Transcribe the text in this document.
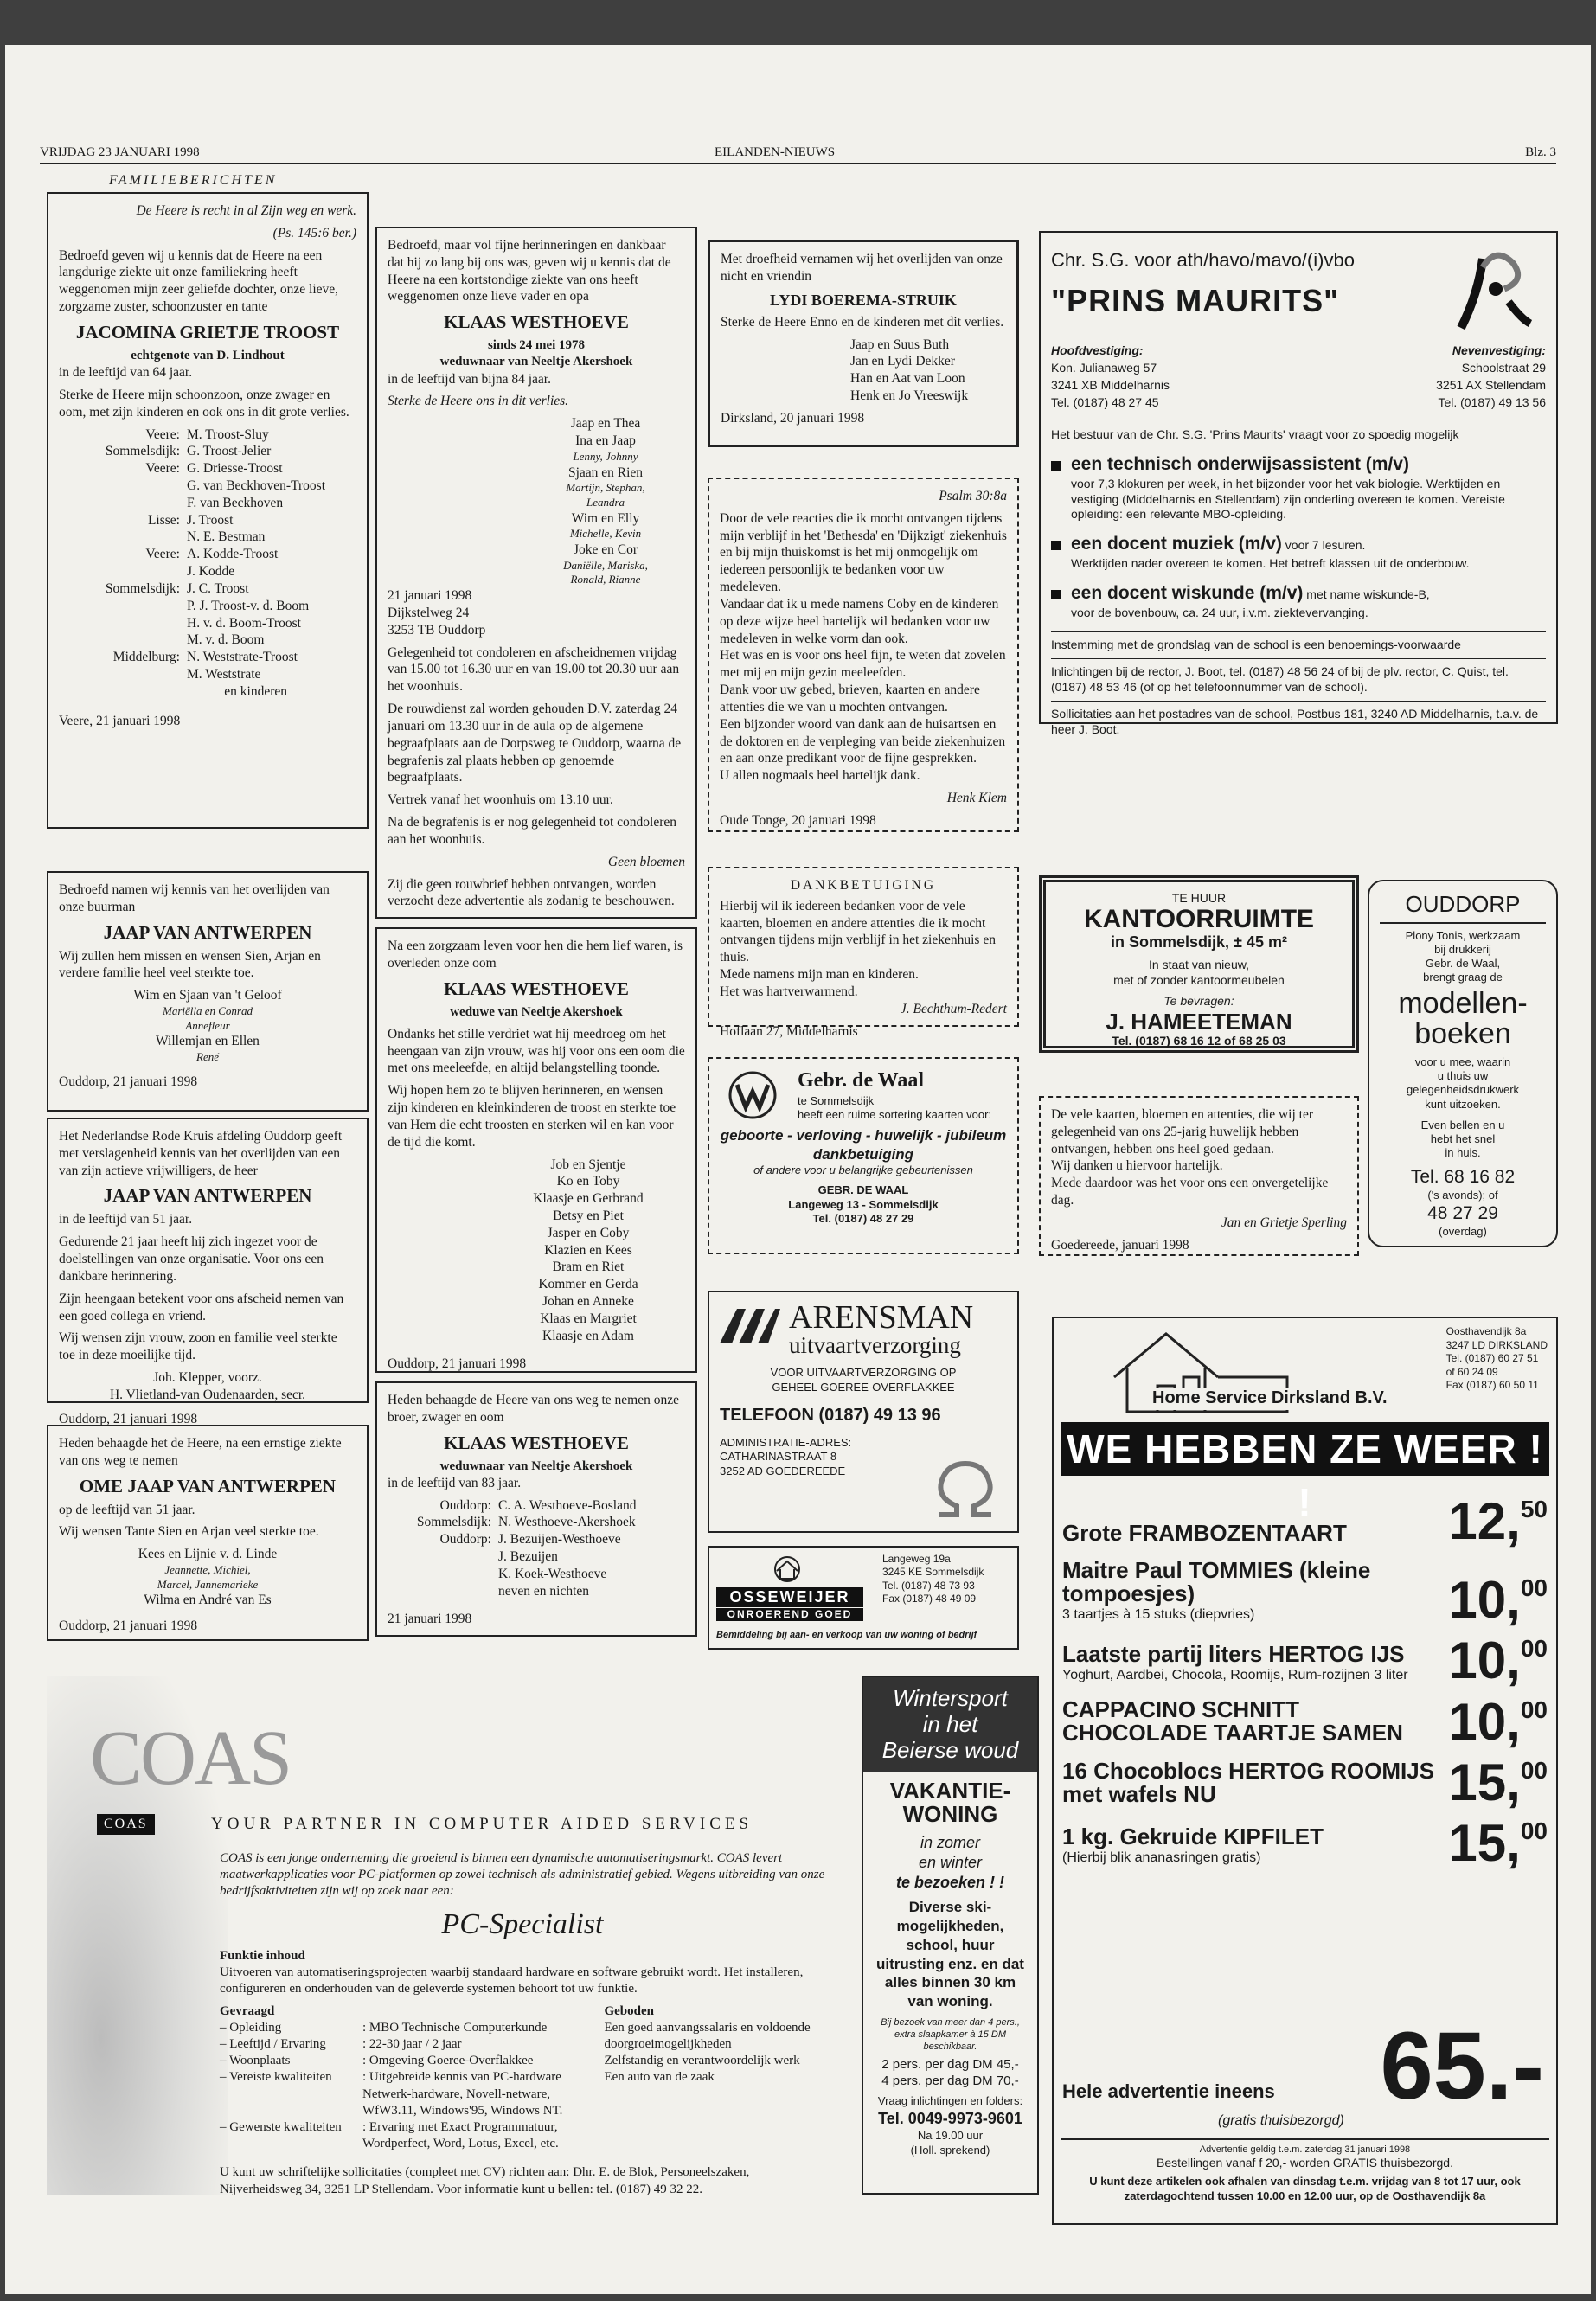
VRIJDAG 23 JANUARI 1998	EILANDEN-NIEUWS	Blz. 3
FAMILIEBERICHTEN

De Heere is recht in al Zijn weg en werk.

(Ps. 145:6 ber.)

Bedroefd geven wij u kennis dat de Heere na een langdurige ziekte uit onze familiekring heeft weggenomen mijn zeer geliefde dochter, onze lieve, zorgzame zuster, schoonzuster en tante

JACOMINA GRIETJE TROOST
echtgenote van D. Lindhout

in de leeftijd van 64 jaar.

Sterke de Heere mijn schoonzoon, onze zwager en oom, met zijn kinderen en ook ons in dit grote verlies.

Veere: M. Troost-Sluy
Sommelsdijk: G. Troost-Jelier
Veere: G. Driesse-Troost
G. van Beckhoven-Troost
F. van Beckhoven
Lisse: J. Troost
N. E. Bestman
Veere: A. Kodde-Troost
J. Kodde
Sommelsdijk: J. C. Troost
P. J. Troost-v. d. Boom
H. v. d. Boom-Troost
M. v. d. Boom
Middelburg: N. Weststrate-Troost
M. Weststrate

en kinderen

Veere, 21 januari 1998

Bedroefd namen wij kennis van het overlijden van onze buurman

JAAP VAN ANTWERPEN

Wij zullen hem missen en wensen Sien, Arjan en verdere familie heel veel sterkte toe.

Wim en Sjaan van 't Geloof
Mariëlla en Conrad
Annefleur
Willemjan en Ellen
René

Ouddorp, 21 januari 1998

Het Nederlandse Rode Kruis afdeling Ouddorp geeft met verslagenheid kennis van het overlijden van een van zijn actieve vrijwilligers, de heer

JAAP VAN ANTWERPEN

in de leeftijd van 51 jaar.

Gedurende 21 jaar heeft hij zich ingezet voor de doelstellingen van onze organisatie. Voor ons een dankbare herinnering.

Zijn heengaan betekent voor ons afscheid nemen van een goed collega en vriend.

Wij wensen zijn vrouw, zoon en familie veel sterkte toe in deze moeilijke tijd.

Joh. Klepper, voorz.
H. Vlietland-van Oudenaarden, secr.

Ouddorp, 21 januari 1998

Heden behaagde het de Heere, na een ernstige ziekte van ons weg te nemen

OME JAAP VAN ANTWERPEN

op de leeftijd van 51 jaar.

Wij wensen Tante Sien en Arjan veel sterkte toe.

Kees en Lijnie v. d. Linde
Jeannette, Michiel,
Marcel, Jannemarieke
Wilma en André van Es

Ouddorp, 21 januari 1998

Bedroefd, maar vol fijne herinneringen en dankbaar dat hij zo lang bij ons was, geven wij u kennis dat de Heere na een kortstondige ziekte van ons heeft weggenomen onze lieve vader en opa

KLAAS WESTHOEVE
sinds 24 mei 1978
weduwnaar van Neeltje Akershoek

in de leeftijd van bijna 84 jaar.

Sterke de Heere ons in dit verlies.

Jaap en Thea
Ina en Jaap
Lenny, Johnny
Sjaan en Rien
Martijn, Stephan,
Leandra
Wim en Elly
Michelle, Kevin
Joke en Cor
Daniëlle, Mariska,
Ronald, Rianne
21 januari 1998
Dijkstelweg 24
3253 TB Ouddorp

Gelegenheid tot condoleren en afscheidnemen vrijdag van 15.00 tot 16.30 uur en van 19.00 tot 20.30 uur aan het woonhuis.

De rouwdienst zal worden gehouden D.V. zaterdag 24 januari om 13.30 uur in de aula op de algemene begraafplaats aan de Dorpsweg te Ouddorp, waarna de begrafenis zal plaats hebben op genoemde begraafplaats.

Vertrek vanaf het woonhuis om 13.10 uur.

Na de begrafenis is er nog gelegenheid tot condoleren aan het woonhuis.

Geen bloemen

Zij die geen rouwbrief hebben ontvangen, worden verzocht deze advertentie als zodanig te beschouwen.

Na een zorgzaam leven voor hen die hem lief waren, is overleden onze oom

KLAAS WESTHOEVE
weduwe van Neeltje Akershoek

Ondanks het stille verdriet wat hij meedroeg om het heengaan van zijn vrouw, was hij voor ons een oom die met ons meeleefde, en altijd belangstelling toonde.

Wij hopen hem zo te blijven herinneren, en wensen zijn kinderen en kleinkinderen de troost en sterkte toe van Hem die echt troosten en sterken wil en kan voor de tijd die komt.

Job en Sjentje
Ko en Toby
Klaasje en Gerbrand
Betsy en Piet
Jasper en Coby
Klazien en Kees
Bram en Riet
Kommer en Gerda
Johan en Anneke
Klaas en Margriet
Klaasje en Adam

Ouddorp, 21 januari 1998

Heden behaagde de Heere van ons weg te nemen onze broer, zwager en oom

KLAAS WESTHOEVE
weduwnaar van Neeltje Akershoek

in de leeftijd van 83 jaar.

Ouddorp: C. A. Westhoeve-Bosland
Sommelsdijk: N. Westhoeve-Akershoek
Ouddorp: J. Bezuijen-Westhoeve
J. Bezuijen
K. Koek-Westhoeve
neven en nichten

21 januari 1998

Met droefheid vernamen wij het overlijden van onze nicht en vriendin

LYDI BOEREMA-STRUIK

Sterke de Heere Enno en de kinderen met dit verlies.

Jaap en Suus Buth
Jan en Lydi Dekker
Han en Aat van Loon
Henk en Jo Vreeswijk

Dirksland, 20 januari 1998

Psalm 30:8a

Door de vele reacties die ik mocht ontvangen tijdens mijn verblijf in het 'Bethesda' en 'Dijkzigt' ziekenhuis en bij mijn thuiskomst is het mij onmogelijk om iedereen persoonlijk te bedanken voor uw medeleven.

Vandaar dat ik u mede namens Coby en de kinderen op deze wijze heel hartelijk wil bedanken voor uw medeleven in welke vorm dan ook.

Het was en is voor ons heel fijn, te weten dat zovelen met mij en mijn gezin meeleefden.

Dank voor uw gebed, brieven, kaarten en andere attenties die we van u mochten ontvangen.

Een bijzonder woord van dank aan de huisartsen en de doktoren en de verpleging van beide ziekenhuizen en aan onze predikant voor de fijne gesprekken.

U allen nogmaals heel hartelijk dank.

Henk Klem

Oude Tonge, 20 januari 1998

DANKBETUIGING

Hierbij wil ik iedereen bedanken voor de vele kaarten, bloemen en andere attenties die ik mocht ontvangen tijdens mijn verblijf in het ziekenhuis en thuis.

Mede namens mijn man en kinderen.
Het was hartverwarmend.

J. Bechthum-Redert

Hoflaan 27, Middelharnis
Gebr. de Waal
te Sommelsdijk
heeft een ruime sortering kaarten voor:
geboorte - verloving - huwelijk - jubileum
dankbetuiging
of andere voor u belangrijke gebeurtenissen
GEBR. DE WAAL
Langeweg 13 - Sommelsdijk
Tel. (0187) 48 27 29
ARENSMAN
uitvaartverzorging
VOOR UITVAARTVERZORGING OP
GEHEEL GOEREE-OVERFLAKKEE
TELEFOON (0187) 49 13 96
ADMINISTRATIE-ADRES:
CATHARINASTRAAT 8
3252 AD GOEDEREEDE
OSSEWEIJER
ONROEREND GOED
Langeweg 19a
3245 KE Sommelsdijk
Tel. (0187) 48 73 93
Fax (0187) 48 49 09
Bemiddeling bij aan- en verkoop van uw woning of bedrijf
Chr. S.G. voor ath/havo/mavo/(i)vbo
"PRINS MAURITS"
Hoofdvestiging:	Nevenvestiging:
Kon. Julianaweg 57	Schoolstraat 29
3241 XB Middelharnis	3251 AX Stellendam
Tel. (0187) 48 27 45	Tel. (0187) 49 13 56
Het bestuur van de Chr. S.G. 'Prins Maurits' vraagt voor zo spoedig mogelijk
een technisch onderwijsassistent (m/v)
voor 7,3 klokuren per week, in het bijzonder voor het vak biologie. Werktijden en vestiging (Middelharnis en Stellendam) zijn onderling overeen te komen. Vereiste opleiding: een relevante MBO-opleiding.
een docent muziek (m/v) voor 7 lesuren.
Werktijden nader overeen te komen. Het betreft klassen uit de onderbouw.
een docent wiskunde (m/v) met name wiskunde-B,
voor de bovenbouw, ca. 24 uur, i.v.m. ziektevervanging.
Instemming met de grondslag van de school is een benoemings-voorwaarde
Inlichtingen bij de rector, J. Boot, tel. (0187) 48 56 24 of bij de plv. rector, C. Quist, tel. (0187) 48 53 46 (of op het telefoonnummer van de school).
Sollicitaties aan het postadres van de school, Postbus 181, 3240 AD Middelharnis, t.a.v. de heer J. Boot.
TE HUUR
KANTOORRUIMTE
in Sommelsdijk, ± 45 m²
In staat van nieuw,
met of zonder kantoormeubelen
Te bevragen:
J. HAMEETEMAN
Tel. (0187) 68 16 12 of 68 25 03
OUDDORP
Plony Tonis, werkzaam
bij drukkerij
Gebr. de Waal,
brengt graag de
modellen-
boeken
voor u mee, waarin
u thuis uw
gelegenheidsdrukwerk
kunt uitzoeken.
Even bellen en u
hebt het snel
in huis.
Tel. 68 16 82
('s avonds); of
48 27 29
(overdag)

De vele kaarten, bloemen en attenties, die wij ter gelegenheid van ons 25-jarig huwelijk hebben ontvangen, hebben ons heel goed gedaan.

Wij danken u hiervoor hartelijk.
Mede daardoor was het voor ons een onvergetelijke dag.

Jan en Grietje Sperling

Goedereede, januari 1998
Home Service Dirksland B.V.
Oosthavendijk 8a
3247 LD DIRKSLAND
Tel. (0187) 60 27 51
of 60 24 09
Fax (0187) 60 50 11
WE HEBBEN ZE WEER ! !
Grote FRAMBOZENTAART 12,50
Maitre Paul TOMMIES (kleine tompoesjes)
3 taartjes à 15 stuks (diepvries)	10,00
Laatste partij liters HERTOG IJS
Yoghurt, Aardbei, Chocola, Roomijs, Rum-rozijnen 3 liter 10,00
CAPPACINO SCHNITT CHOCOLADE TAARTJE SAMEN 10,00
16 Chocoblocs HERTOG ROOMIJS met wafels NU	15,00
1 kg. Gekruide KIPFILET
(Hierbij blik ananasringen gratis)	15,00
Hele advertentie ineens 65.-
(gratis thuisbezorgd)
Advertentie geldig t.e.m. zaterdag 31 januari 1998
Bestellingen vanaf f 20,- worden GRATIS thuisbezorgd.
U kunt deze artikelen ook afhalen van dinsdag t.e.m. vrijdag van 8 tot 17 uur, ook zaterdagochtend tussen 10.00 en 12.00 uur, op de Oosthavendijk 8a
Wintersport
in het
Beierse woud
VAKANTIE-WONING
in zomer
en winter
te bezoeken ! !
Diverse ski-mogelijkheden, school, huur uitrusting enz. en dat alles binnen 30 km van woning.
Bij bezoek van meer dan 4 pers., extra slaapkamer à 15 DM beschikbaar.
2 pers. per dag DM 45,-
4 pers. per dag DM 70,-
Vraag inlichtingen en folders:
Tel. 0049-9973-9601
Na 19.00 uur
(Holl. sprekend)
COAS
COAS	YOUR PARTNER IN COMPUTER AIDED SERVICES

COAS is een jonge onderneming die groeiend is binnen een dynamische automatiseringsmarkt. COAS levert maatwerkapplicaties voor PC-platformen op zowel technisch als administratief gebied. Wegens uitbreiding van onze bedrijfsaktiviteiten zijn wij op zoek naar een:

PC-Specialist
Funktie inhoud

Uitvoeren van automatiseringsprojecten waarbij standaard hardware en software gebruikt wordt. Het installeren, configureren en onderhouden van de geleverde systemen behoort tot uw funktie.

Gevraagd
– Opleiding	: MBO Technische Computerkunde
– Leeftijd / Ervaring	: 22-30 jaar / 2 jaar
– Woonplaats	: Omgeving Goeree-Overflakkee
– Vereiste kwaliteiten	: Uitgebreide kennis van PC-hardware Netwerk-hardware, Novell-netware, WfW3.11, Windows'95, Windows NT.
– Gewenste kwaliteiten	: Ervaring met Exact Programmatuur, Wordperfect, Word, Lotus, Excel, etc.
Geboden
Een goed aanvangssalaris en voldoende doorgroeimogelijkheden
Zelfstandig en verantwoordelijk werk
Een auto van de zaak

U kunt uw schriftelijke sollicitaties (compleet met CV) richten aan: Dhr. E. de Blok, Personeelszaken, Nijverheidsweg 34, 3251 LP Stellendam. Voor informatie kunt u bellen: tel. (0187) 49 32 22.
